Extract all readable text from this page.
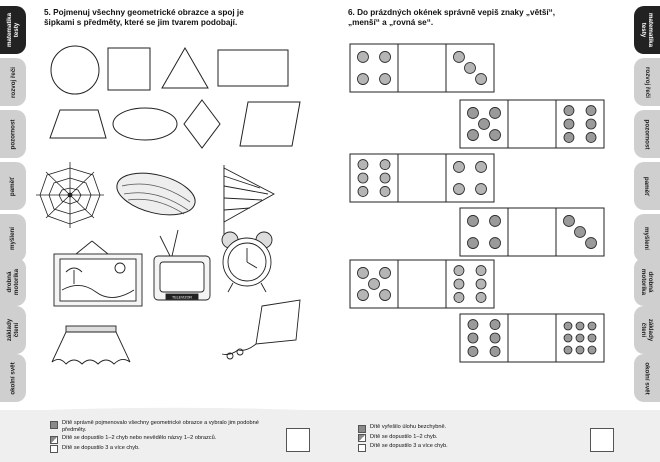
matematika
testy
rozvoj řeči
pozornost
paměť
myšlení
drobná
motorika
základy
čtení
okolní svět
5. Pojmenuj všechny geometrické obrazce a spoj je
šipkami s předměty, které se jim tvarem podobají.
TELEVIZOR
matematika
testy
rozvoj řeči
pozornost
paměť
myšlení
drobná
motorika
základy
čtení
okolní svět
6. Do prázdných okének správně vepiš znaky „větší“,
„menší“ a „rovná se“.
Dítě správně pojmenovalo všechny geometrické obrazce a vybralo jim podobné předměty.
Dítě se dopustilo 1–2 chyb nebo nevědělo názvy 1–2 obrazců.
Dítě se dopustilo 3 a více chyb.
Dítě vyřešilo úlohu bezchybně.
Dítě se dopustilo 1–2 chyb.
Dítě se dopustilo 3 a více chyb.
